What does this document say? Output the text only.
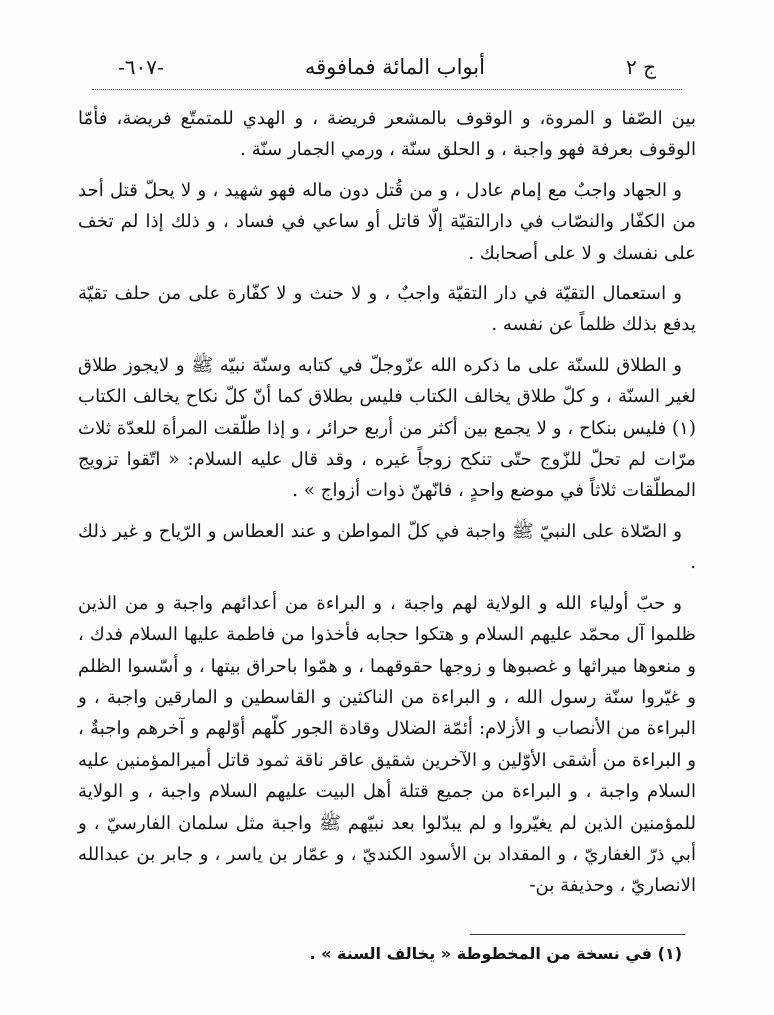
ج ٢
أبواب المائة فمافوقه
-٦٠٧-

بين الصّفا و المروة، و الوقوف بالمشعر فريضة ، و الهدي للمتمتّع فريضة، فأمّا الوقوف بعرفة فهو واجبة ، و الحلق سنّة ، ورمي الجمار سنّة .

و الجهاد واجبٌ مع إمام عادل ، و من قُتل دون ماله فهو شهيد ، و لا يحلّ قتل أحد من الكفّار والنصّاب في دارالتقيّة إلّا قاتل أو ساعي في فساد ، و ذلك إذا لم تخف على نفسك و لا على أصحابك .

و استعمال التقيّة في دار التقيّة واجبٌ ، و لا حنث و لا كفّارة على من حلف تقيّة يدفع بذلك ظلماً عن نفسه .

و الطلاق للسنّة على ما ذكره الله عزّوجلّ في كتابه وسنّة نبيّه ﷺ و لايجوز طلاق لغير السنّة ، و كلّ طلاق يخالف الكتاب فليس بطلاق كما أنّ كلّ نكاح يخالف الكتاب (١) فليس بنكاح ، و لا يجمع بين أكثر من أربع حرائر ، و إذا طلّقت المرأة للعدّة ثلاث مرّات لم تحلّ للزّوج حتّى تنكح زوجاً غيره ، وقد قال عليه السلام: « اتّقوا تزويج المطلّقات ثلاثاً في موضع واحدٍ ، فانّهنّ ذوات أزواج » .

و الصّلاة على النبيّ ﷺ واجبة في كلّ المواطن و عند العطاس و الرّياح و غير ذلك .

و حبّ أولياء الله و الولاية لهم واجبة ، و البراءة من أعدائهم واجبة و من الذين ظلموا آل محمّد عليهم السلام و هتكوا حجابه فأخذوا من فاطمة عليها السلام فدك ، و منعوها ميراثها و غصبوها و زوجها حقوقهما ، و همّوا باحراق بيتها ، و أسّسوا الظلم و غيّروا سنّة رسول الله ، و البراءة من الناكثين و القاسطين و المارقين واجبة ، و البراءة من الأنصاب و الأزلام: أئمّة الضلال وقادة الجور كلّهم أوّلهم و آخرهم واجبةٌ ، و البراءة من أشقى الأوّلين و الآخرين شقيق عاقر ناقة ثمود قاتل أميرالمؤمنين عليه السلام واجبة ، و البراءة من جميع قتلة أهل البيت عليهم السلام واجبة ، و الولاية للمؤمنين الذين لم يغيّروا و لم يبدّلوا بعد نبيّهم ﷺ واجبة مثل سلمان الفارسيّ ، و أبي ذرّ الغفاريّ ، و المقداد بن الأسود الكنديّ ، و عمّار بن ياسر ، و جابر بن عبدالله الانصاريّ ، وحذيفة بن-

(١) في نسخة من المخطوطة « يخالف السنة » .
